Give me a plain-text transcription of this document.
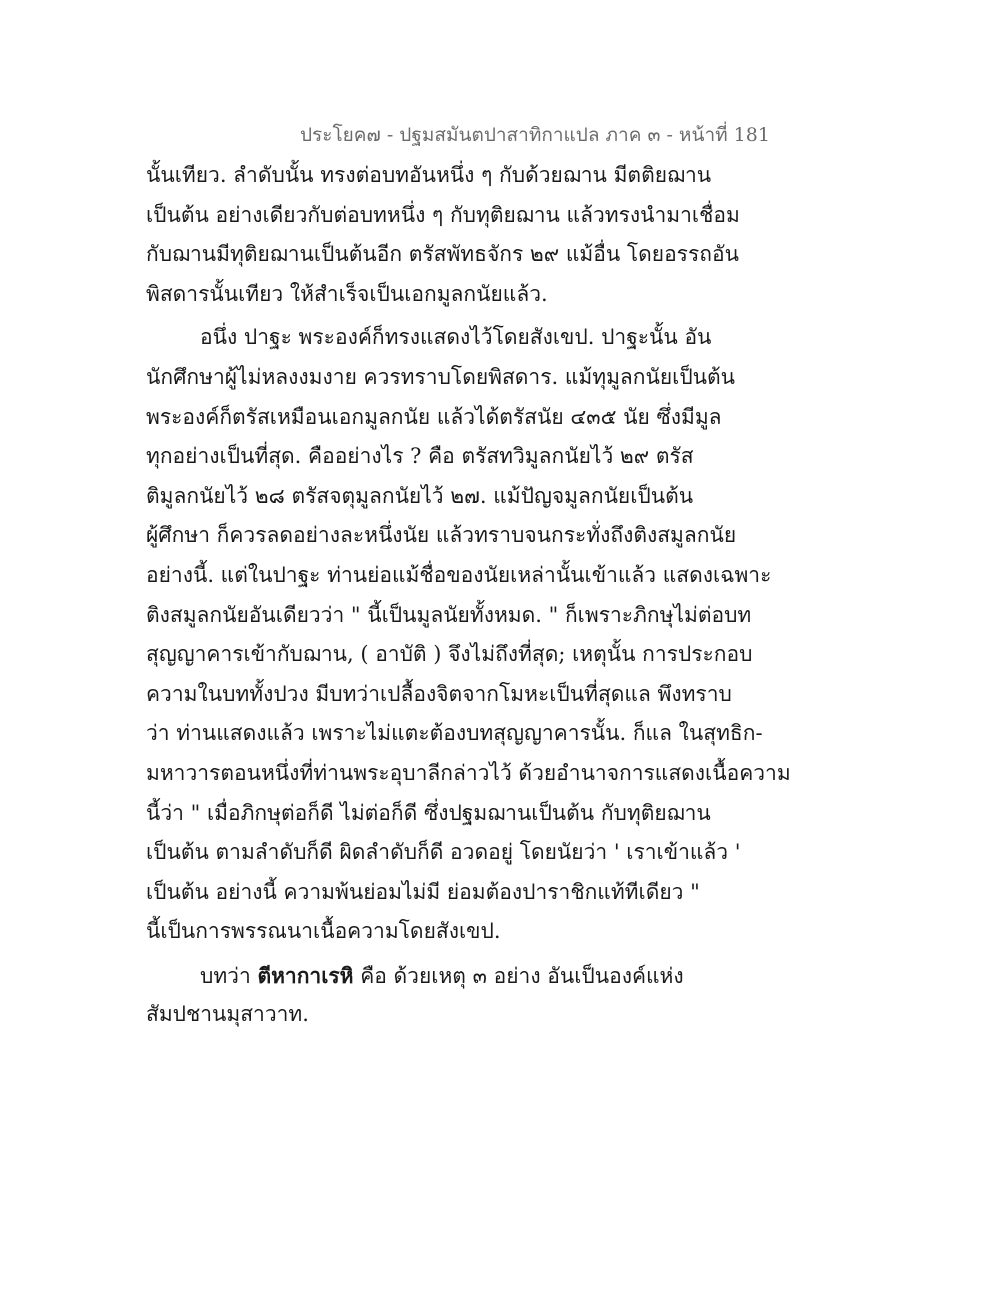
ประโยค๗ - ปฐมสมันตปาสาทิกาแปล ภาค ๓ - หน้าที่ 181
นั้นเทียว. ลำดับนั้น ทรงต่อบทอันหนึ่ง ๆ กับด้วยฌาน มีตติยฌาน
เป็นต้น อย่างเดียวกับต่อบทหนึ่ง ๆ กับทุติยฌาน แล้วทรงนำมาเชื่อม
กับฌานมีทุติยฌานเป็นต้นอีก ตรัสพัทธจักร ๒๙ แม้อื่น โดยอรรถอัน
พิสดารนั้นเทียว ให้สำเร็จเป็นเอกมูลกนัยแล้ว.
อนึ่ง ปาฐะ พระองค์ก็ทรงแสดงไว้โดยสังเขป. ปาฐะนั้น อัน
นักศึกษาผู้ไม่หลงงมงาย ควรทราบโดยพิสดาร. แม้ทุมูลกนัยเป็นต้น
พระองค์ก็ตรัสเหมือนเอกมูลกนัย แล้วได้ตรัสนัย ๔๓๕ นัย ซึ่งมีมูล
ทุกอย่างเป็นที่สุด. คืออย่างไร ? คือ ตรัสทวิมูลกนัยไว้ ๒๙ ตรัส
ติมูลกนัยไว้ ๒๘ ตรัสจตุมูลกนัยไว้ ๒๗. แม้ปัญจมูลกนัยเป็นต้น
ผู้ศึกษา ก็ควรลดอย่างละหนึ่งนัย แล้วทราบจนกระทั่งถึงติงสมูลกนัย
อย่างนี้. แต่ในปาฐะ ท่านย่อแม้ชื่อของนัยเหล่านั้นเข้าแล้ว แสดงเฉพาะ
ติงสมูลกนัยอันเดียวว่า " นี้เป็นมูลนัยทั้งหมด. " ก็เพราะภิกษุไม่ต่อบท
สุญญาคารเข้ากับฌาน, ( อาบัติ ) จึงไม่ถึงที่สุด; เหตุนั้น การประกอบ
ความในบททั้งปวง มีบทว่าเปลื้องจิตจากโมหะเป็นที่สุดแล พึงทราบ
ว่า ท่านแสดงแล้ว เพราะไม่แตะต้องบทสุญญาคารนั้น. ก็แล ในสุทธิก-
มหาวารตอนหนึ่งที่ท่านพระอุบาลีกล่าวไว้ ด้วยอำนาจการแสดงเนื้อความ
นี้ว่า " เมื่อภิกษุต่อก็ดี ไม่ต่อก็ดี ซึ่งปฐมฌานเป็นต้น กับทุติยฌาน
เป็นต้น ตามลำดับก็ดี ผิดลำดับก็ดี อวดอยู่ โดยนัยว่า ' เราเข้าแล้ว '
เป็นต้น อย่างนี้ ความพ้นย่อมไม่มี ย่อมต้องปาราชิกแท้ทีเดียว "
นี้เป็นการพรรณนาเนื้อความโดยสังเขป.
บทว่า ตีหากาเรหิ คือ ด้วยเหตุ ๓ อย่าง อันเป็นองค์แห่ง
สัมปชานมุสาวาท.
